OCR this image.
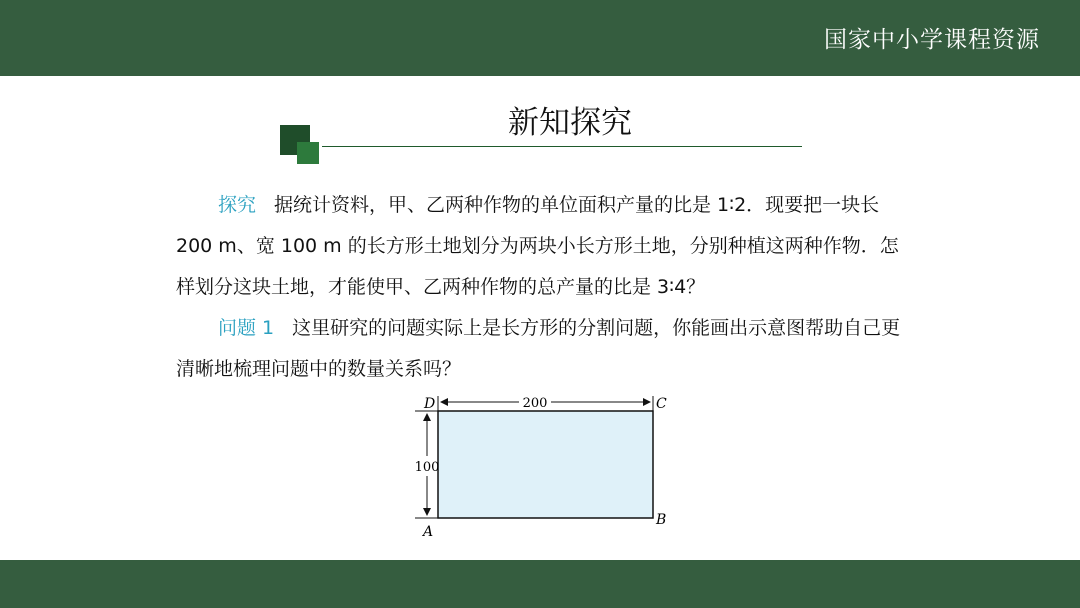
国家中小学课程资源
新知探究
探究 据统计资料，甲、乙两种作物的单位面积产量的比是 1∶2．现要把一块长 200 m、宽 100 m 的长方形土地划分为两块小长方形土地，分别种植这两种作物．怎样划分这块土地，才能使甲、乙两种作物的总产量的比是 3∶4？
问题 1 这里研究的问题实际上是长方形的分割问题，你能画出示意图帮助自己更清晰地梳理问题中的数量关系吗？
200
100
D	C
A
B
